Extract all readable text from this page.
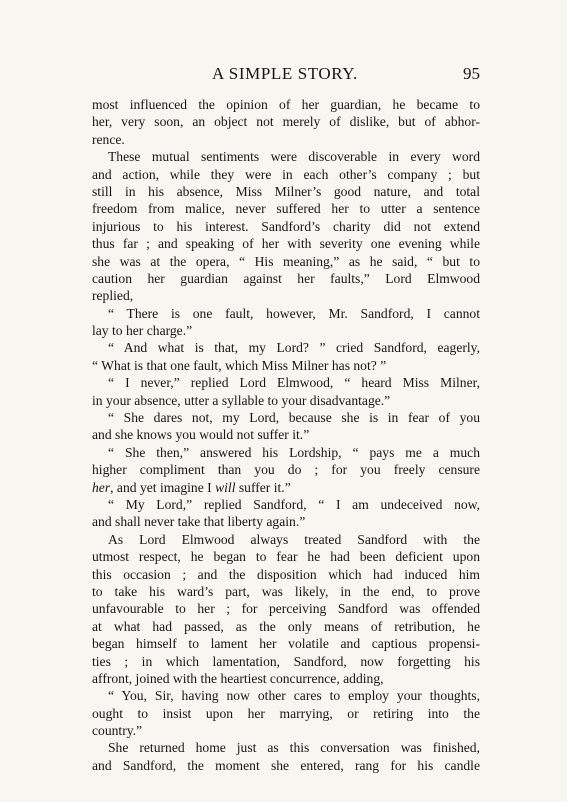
A SIMPLE STORY.	95
most influenced the opinion of her guardian, he became to
her, very soon, an object not merely of dislike, but of abhor-
rence.
These mutual sentiments were discoverable in every word
and action, while they were in each other’s company ; but
still in his absence, Miss Milner’s good nature, and total
freedom from malice, never suffered her to utter a sentence
injurious to his interest. Sandford’s charity did not extend
thus far ; and speaking of her with severity one evening while
she was at the opera, “ His meaning,” as he said, “ but to
caution her guardian against her faults,” Lord Elmwood
replied,
“ There is one fault, however, Mr. Sandford, I cannot
lay to her charge.”
“ And what is that, my Lord? ” cried Sandford, eagerly,
“ What is that one fault, which Miss Milner has not? ”
“ I never,” replied Lord Elmwood, “ heard Miss Milner,
in your absence, utter a syllable to your disadvantage.”
“ She dares not, my Lord, because she is in fear of you
and she knows you would not suffer it.”
“ She then,” answered his Lordship, “ pays me a much
higher compliment than you do ; for you freely censure
her, and yet imagine I will suffer it.”
“ My Lord,” replied Sandford, “ I am undeceived now,
and shall never take that liberty again.”
As Lord Elmwood always treated Sandford with the
utmost respect, he began to fear he had been deficient upon
this occasion ; and the disposition which had induced him
to take his ward’s part, was likely, in the end, to prove
unfavourable to her ; for perceiving Sandford was offended
at what had passed, as the only means of retribution, he
began himself to lament her volatile and captious propensi-
ties ; in which lamentation, Sandford, now forgetting his
affront, joined with the heartiest concurrence, adding,
“ You, Sir, having now other cares to employ your thoughts,
ought to insist upon her marrying, or retiring into the
country.”
She returned home just as this conversation was finished,
and Sandford, the moment she entered, rang for his candle
